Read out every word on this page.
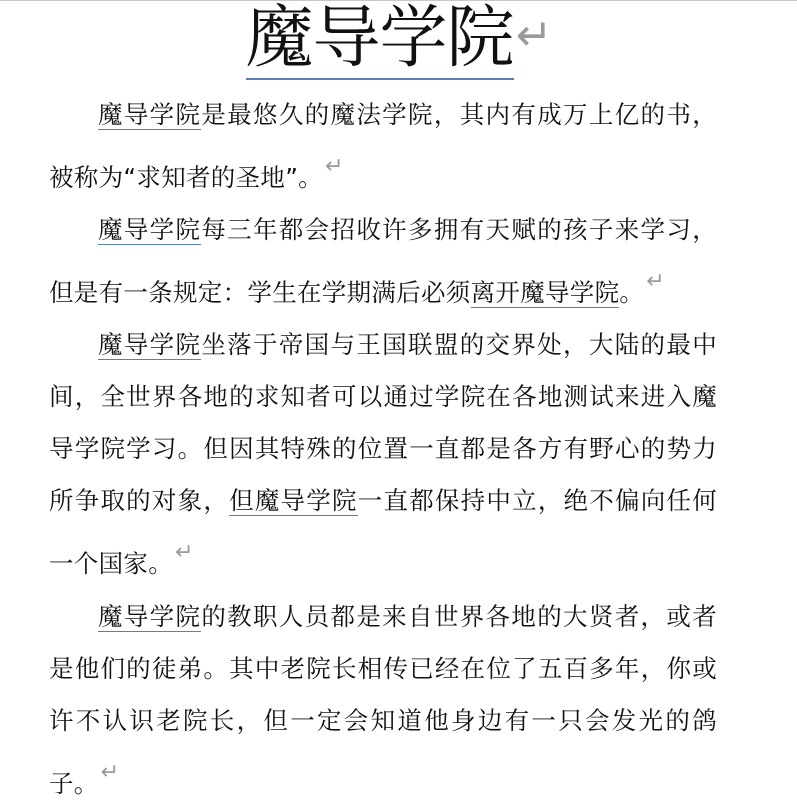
魔导学院↵

魔导学院是最悠久的魔法学院，其内有成万上亿的书，被称为“求知者的圣地”。↵

魔导学院每三年都会招收许多拥有天赋的孩子来学习，但是有一条规定：学生在学期满后必须离开魔导学院。↵

魔导学院坐落于帝国与王国联盟的交界处，大陆的最中间，全世界各地的求知者可以通过学院在各地测试来进入魔导学院学习。但因其特殊的位置一直都是各方有野心的势力所争取的对象，但魔导学院一直都保持中立，绝不偏向任何一个国家。↵

魔导学院的教职人员都是来自世界各地的大贤者，或者是他们的徒弟。其中老院长相传已经在位了五百多年，你或许不认识老院长，但一定会知道他身边有一只会发光的鸽子。↵
